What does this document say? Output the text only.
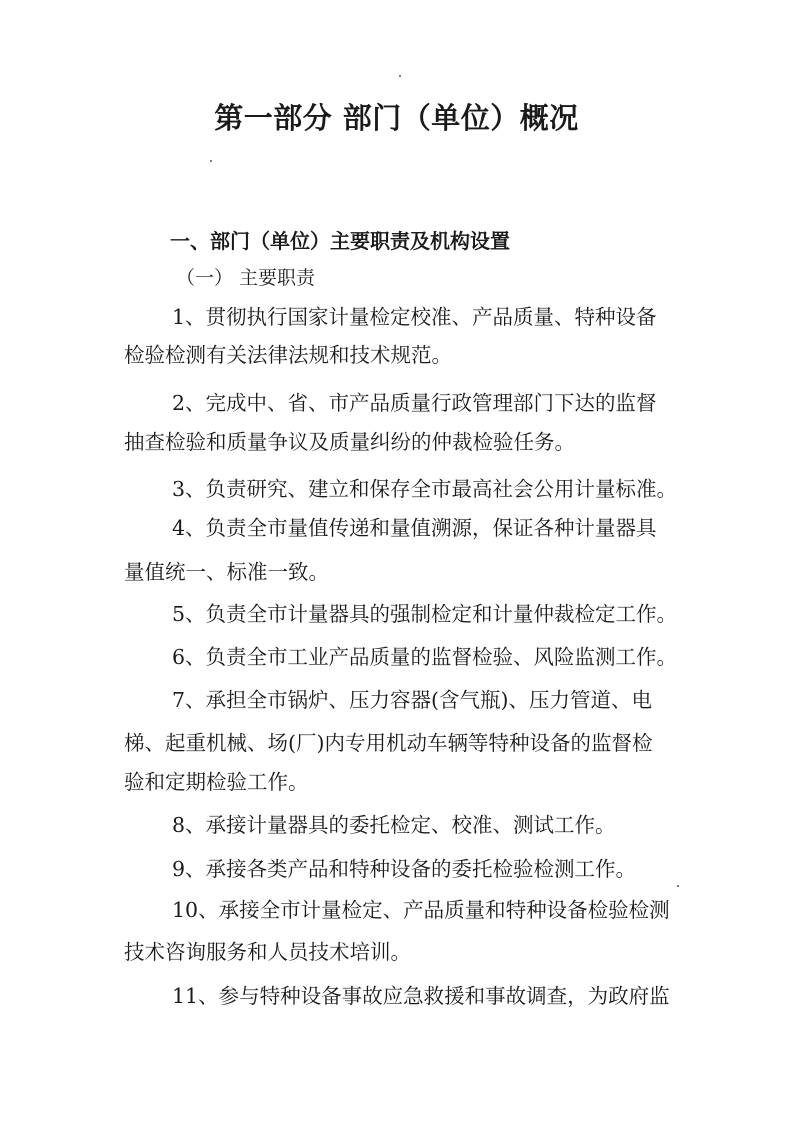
第一部分 部门（单位）概况
一、部门（单位）主要职责及机构设置
（一） 主要职责
1、贯彻执行国家计量检定校准、产品质量、特种设备
检验检测有关法律法规和技术规范。
2、完成中、省、市产品质量行政管理部门下达的监督
抽查检验和质量争议及质量纠纷的仲裁检验任务。
3、负责研究、建立和保存全市最高社会公用计量标准。
4、负责全市量值传递和量值溯源，保证各种计量器具
量值统一、标准一致。
5、负责全市计量器具的强制检定和计量仲裁检定工作。
6、负责全市工业产品质量的监督检验、风险监测工作。
7、承担全市锅炉、压力容器(含气瓶)、压力管道、电
梯、起重机械、场(厂)内专用机动车辆等特种设备的监督检
验和定期检验工作。
8、承接计量器具的委托检定、校准、测试工作。
9、承接各类产品和特种设备的委托检验检测工作。
10、承接全市计量检定、产品质量和特种设备检验检测
技术咨询服务和人员技术培训。
11、参与特种设备事故应急救援和事故调查，为政府监
